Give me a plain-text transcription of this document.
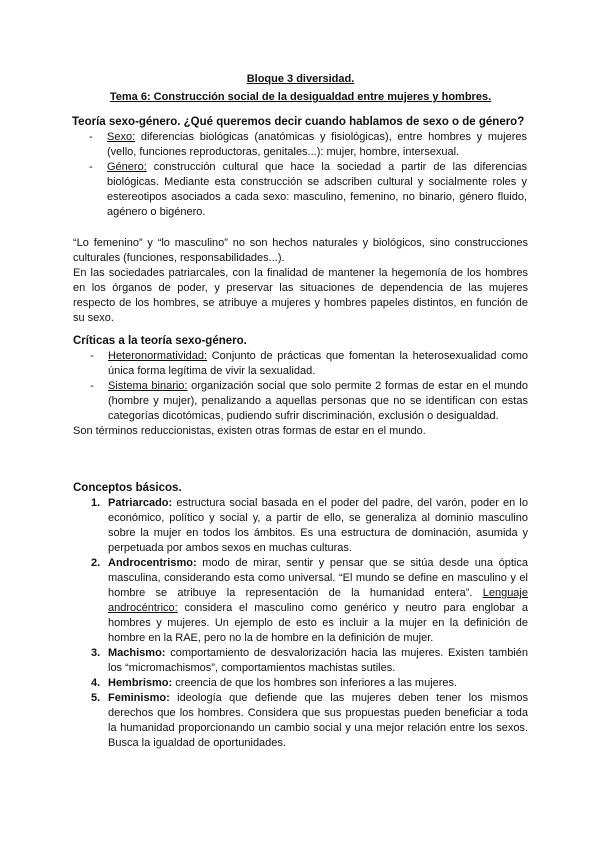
Bloque 3 diversidad.
Tema 6: Construcción social de la desigualdad entre mujeres y hombres.
Teoría sexo-género. ¿Qué queremos decir cuando hablamos de sexo o de género?
- Sexo: diferencias biológicas (anatómicas y fisiológicas), entre hombres y mujeres (vello, funciones reproductoras, genitales...): mujer, hombre, intersexual.
- Género: construcción cultural que hace la sociedad a partir de las diferencias biológicas. Mediante esta construcción se adscriben cultural y socialmente roles y estereotipos asociados a cada sexo: masculino, femenino, no binario, género fluido, agénero o bigénero.

“Lo femenino” y “lo masculino” no son hechos naturales y biológicos, sino construcciones culturales (funciones, responsabilidades...).

En las sociedades patriarcales, con la finalidad de mantener la hegemonía de los hombres en los órganos de poder, y preservar las situaciones de dependencia de las mujeres respecto de los hombres, se atribuye a mujeres y hombres papeles distintos, en función de su sexo.

Críticas a la teoría sexo-género.
- Heteronormatividad: Conjunto de prácticas que fomentan la heterosexualidad como única forma legítima de vivir la sexualidad.
- Sistema binario: organización social que solo permite 2 formas de estar en el mundo (hombre y mujer), penalizando a aquellas personas que no se identifican con estas categorías dicotómicas, pudiendo sufrir discriminación, exclusión o desigualdad.

Son términos reduccionistas, existen otras formas de estar en el mundo.

Conceptos básicos.
1. Patriarcado: estructura social basada en el poder del padre, del varón, poder en lo económico, político y social y, a partir de ello, se generaliza al dominio masculino sobre la mujer en todos los ámbitos. Es una estructura de dominación, asumida y perpetuada por ambos sexos en muchas culturas.
2. Androcentrismo: modo de mirar, sentir y pensar que se sitúa desde una óptica masculina, considerando esta como universal. “El mundo se define en masculino y el hombre se atribuye la representación de la humanidad entera”. Lenguaje androcéntrico: considera el masculino como genérico y neutro para englobar a hombres y mujeres. Un ejemplo de esto es incluir a la mujer en la definición de hombre en la RAE, pero no la de hombre en la definición de mujer.
3. Machismo: comportamiento de desvalorización hacia las mujeres. Existen también los “micromachismos”, comportamientos machistas sutiles.
4. Hembrismo: creencia de que los hombres son inferiores a las mujeres.
5. Feminismo: ideología que defiende que las mujeres deben tener los mismos derechos que los hombres. Considera que sus propuestas pueden beneficiar a toda la humanidad proporcionando un cambio social y una mejor relación entre los sexos. Busca la igualdad de oportunidades.
